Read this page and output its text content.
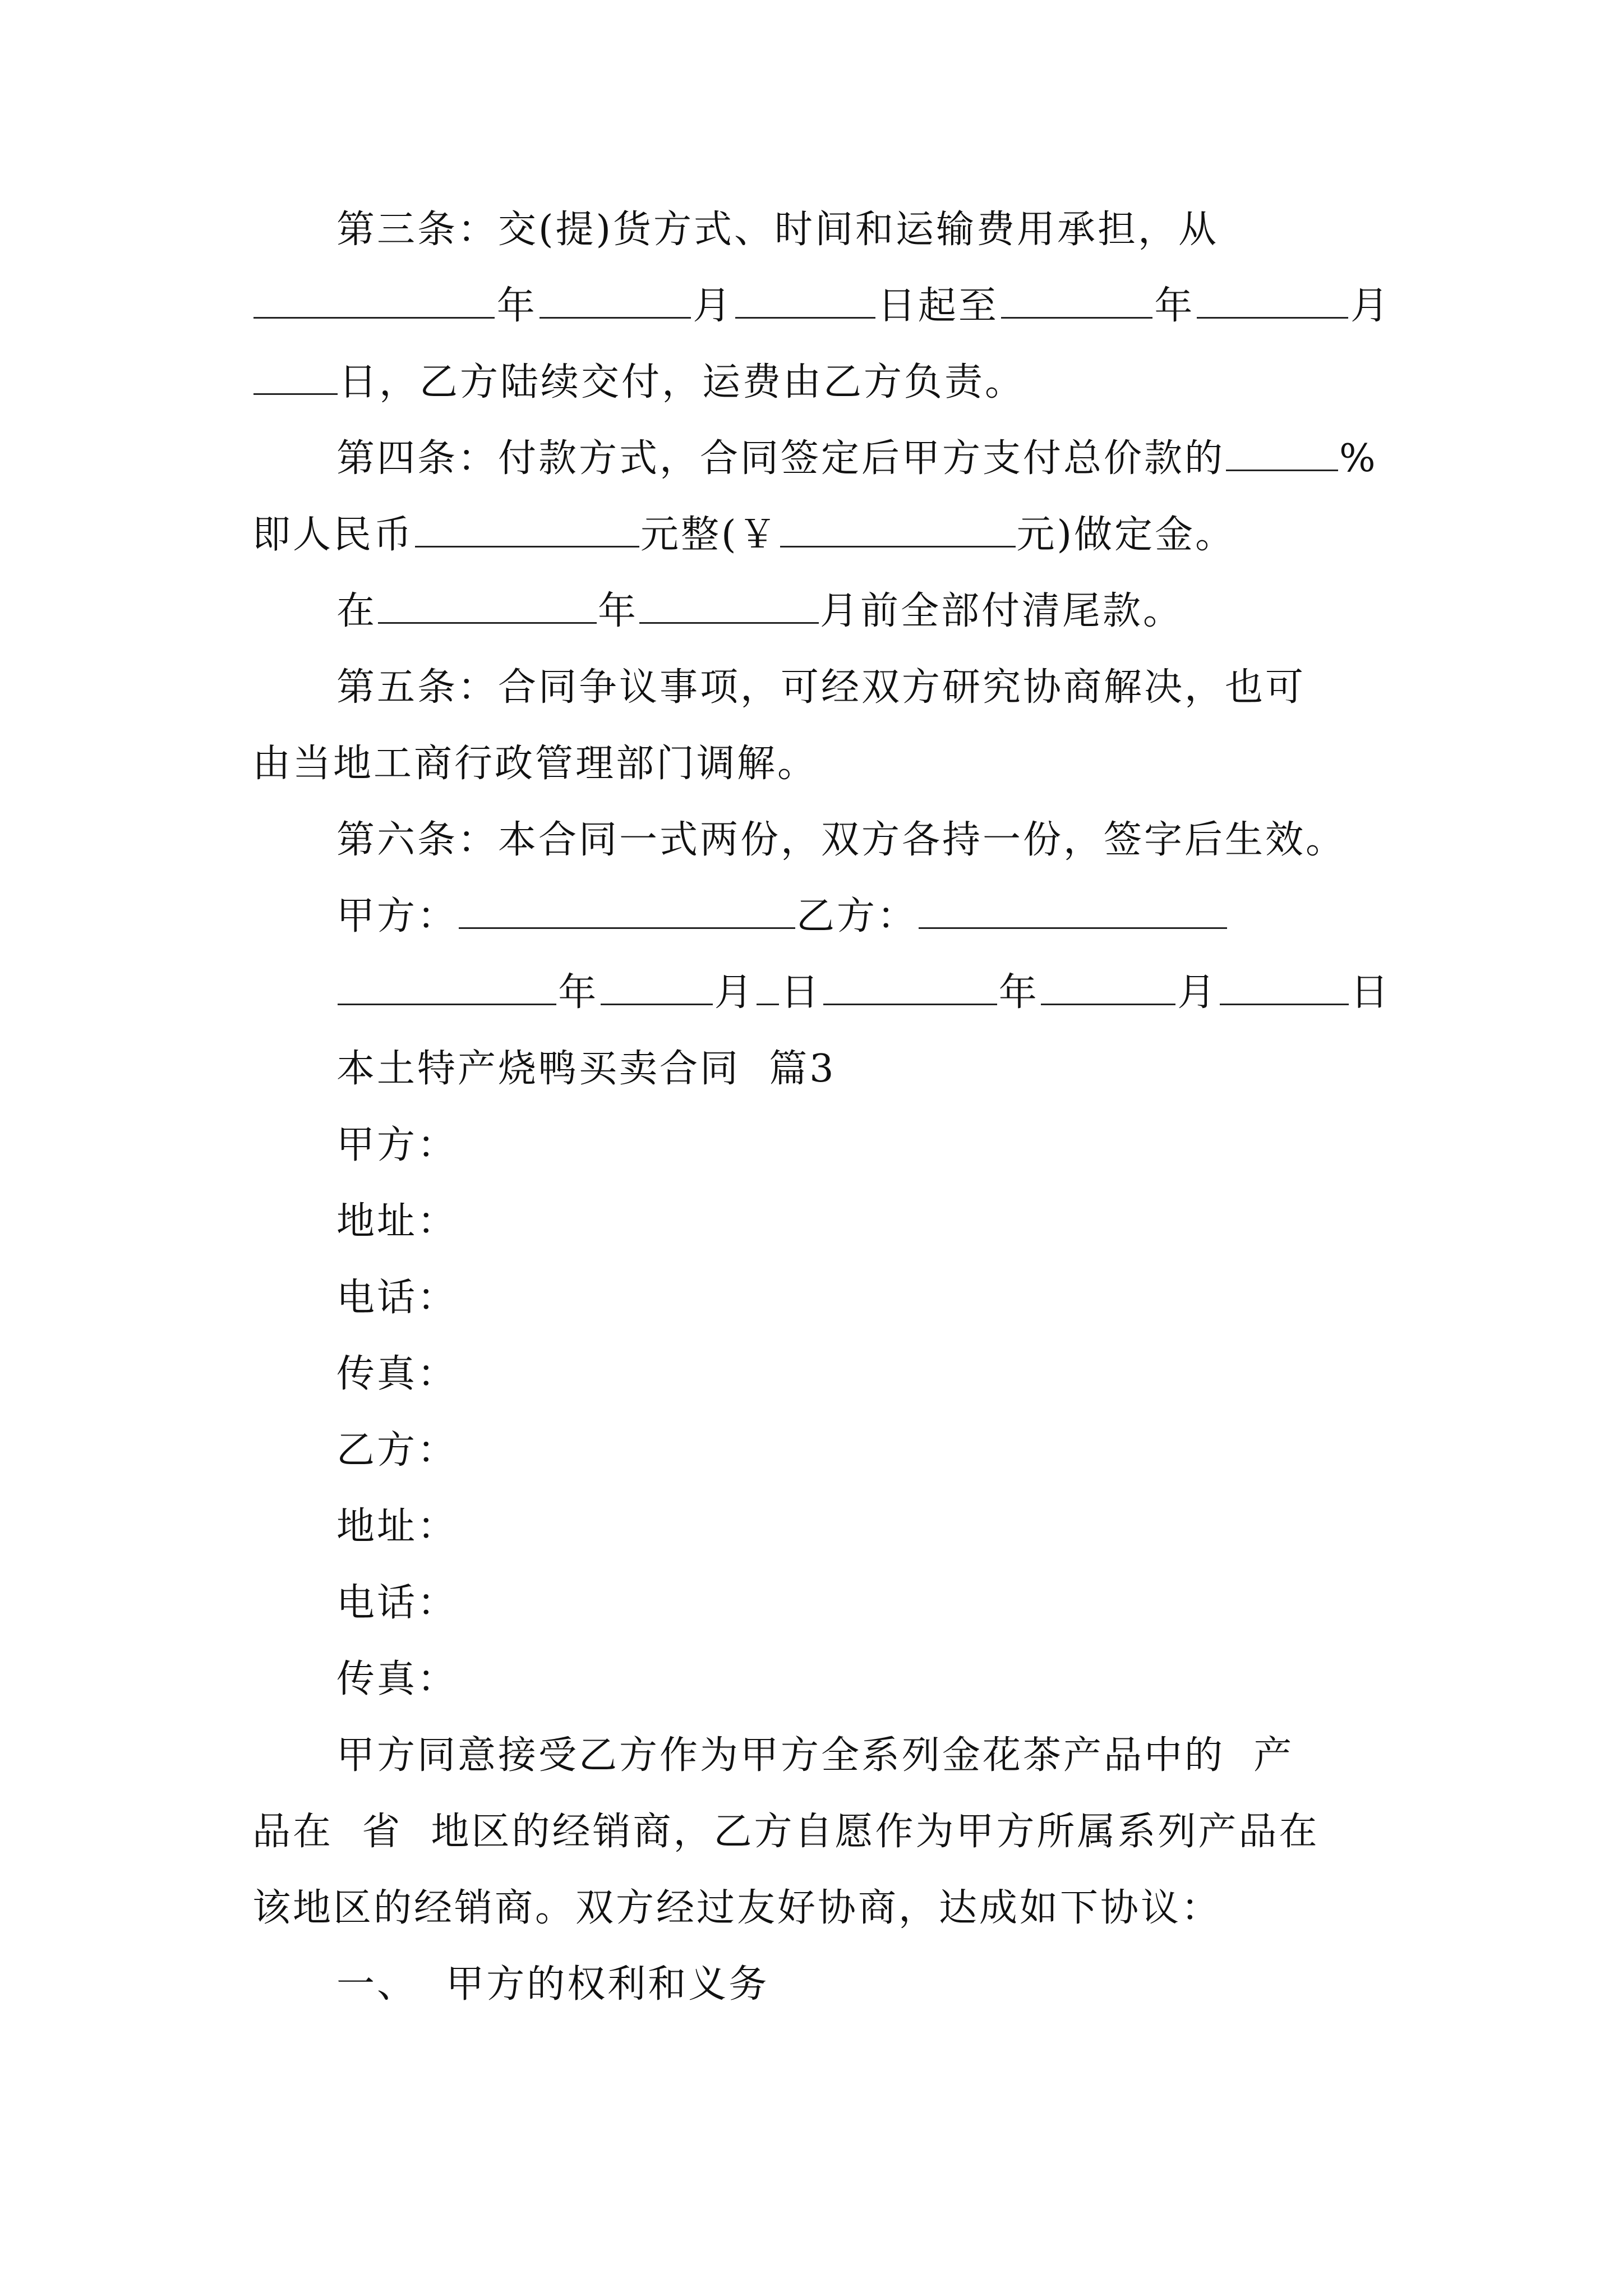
第三条：交(提)货方式、时间和运输费用承担，从
年	月	日起至	年	月
日，乙方陆续交付，运费由乙方负责。
第四条：付款方式，合同签定后甲方支付总价款的	%
即人民币	元整(￥	元)做定金。
在	年	月前全部付清尾款。
第五条：合同争议事项，可经双方研究协商解决，也可
由当地工商行政管理部门调解。
第六条：本合同一式两份，双方各持一份，签字后生效。
甲方：	乙方：
年	月 日	年	月	日
本土特产烧鸭买卖合同  篇3
甲方：
地址：
电话：
传真：
乙方：
地址：
电话：
传真：
甲方同意接受乙方作为甲方全系列金花茶产品中的  产
品在  省  地区的经销商，乙方自愿作为甲方所属系列产品在
该地区的经销商。双方经过友好协商，达成如下协议：
一、  甲方的权利和义务
